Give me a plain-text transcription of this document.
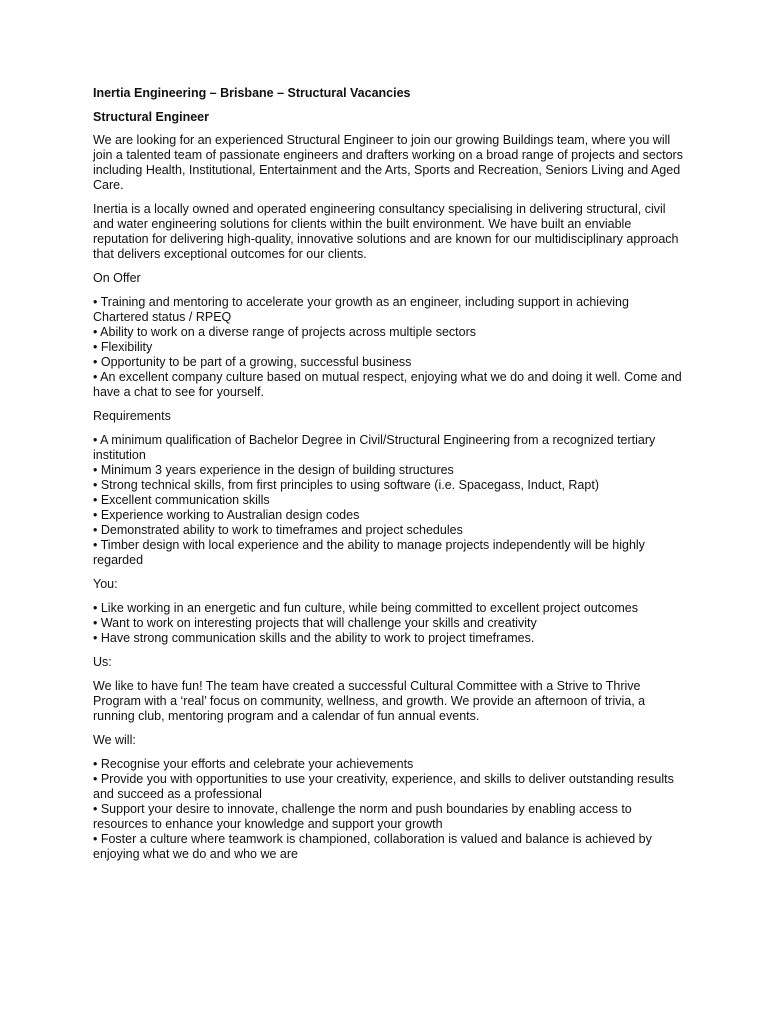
Inertia Engineering – Brisbane – Structural Vacancies

Structural Engineer

We are looking for an experienced Structural Engineer to join our growing Buildings team, where you will join a talented team of passionate engineers and drafters working on a broad range of projects and sectors including Health, Institutional, Entertainment and the Arts, Sports and Recreation, Seniors Living and Aged Care.

Inertia is a locally owned and operated engineering consultancy specialising in delivering structural, civil and water engineering solutions for clients within the built environment. We have built an enviable reputation for delivering high-quality, innovative solutions and are known for our multidisciplinary approach that delivers exceptional outcomes for our clients.

On Offer

• Training and mentoring to accelerate your growth as an engineer, including support in achieving Chartered status / RPEQ
• Ability to work on a diverse range of projects across multiple sectors
• Flexibility
• Opportunity to be part of a growing, successful business
• An excellent company culture based on mutual respect, enjoying what we do and doing it well. Come and have a chat to see for yourself.

Requirements

• A minimum qualification of Bachelor Degree in Civil/Structural Engineering from a recognized tertiary institution
• Minimum 3 years experience in the design of building structures
• Strong technical skills, from first principles to using software (i.e. Spacegass, Induct, Rapt)
• Excellent communication skills
• Experience working to Australian design codes
• Demonstrated ability to work to timeframes and project schedules
• Timber design with local experience and the ability to manage projects independently will be highly regarded

You:

• Like working in an energetic and fun culture, while being committed to excellent project outcomes
• Want to work on interesting projects that will challenge your skills and creativity
• Have strong communication skills and the ability to work to project timeframes.

Us:

We like to have fun! The team have created a successful Cultural Committee with a Strive to Thrive Program with a ‘real’ focus on community, wellness, and growth. We provide an afternoon of trivia, a running club, mentoring program and a calendar of fun annual events.

We will:

• Recognise your efforts and celebrate your achievements
• Provide you with opportunities to use your creativity, experience, and skills to deliver outstanding results and succeed as a professional
• Support your desire to innovate, challenge the norm and push boundaries by enabling access to resources to enhance your knowledge and support your growth
• Foster a culture where teamwork is championed, collaboration is valued and balance is achieved by enjoying what we do and who we are
